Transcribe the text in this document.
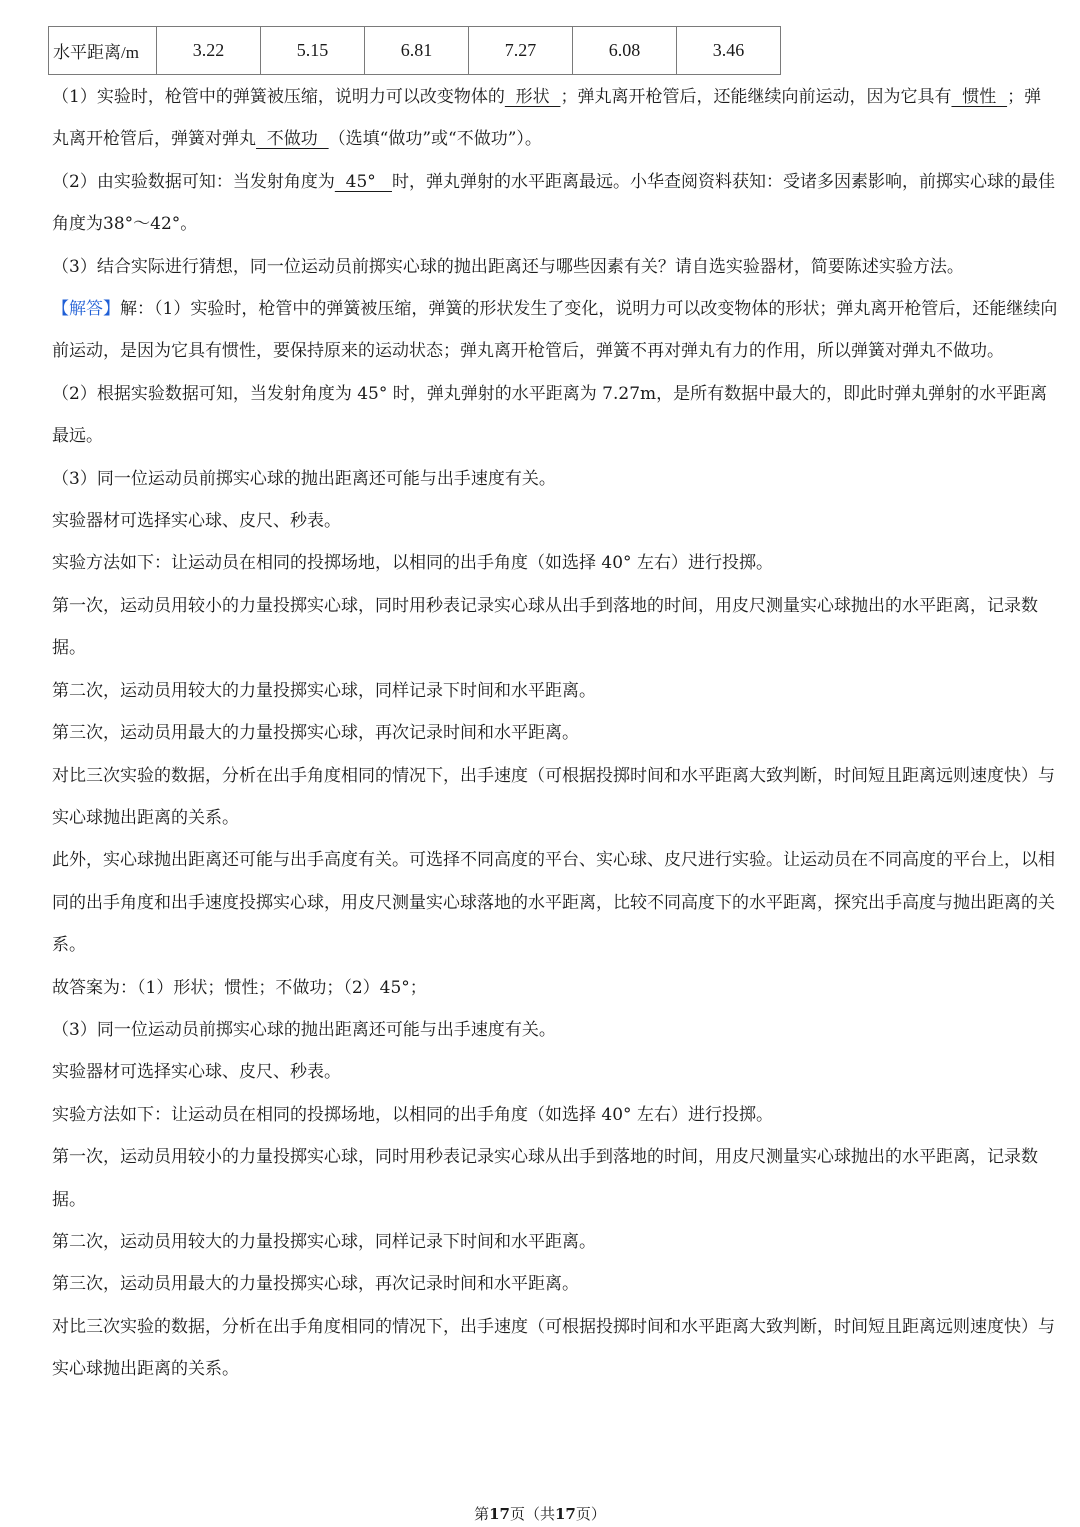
水平距离/m	3.22	5.15	6.81	7.27	6.08	3.46

（1）实验时，枪管中的弹簧被压缩，说明力可以改变物体的  形状  ；弹丸离开枪管后，还能继续向前运动，因为它具有  惯性  ；弹丸离开枪管后，弹簧对弹丸  不做功  （选填“做功”或“不做功”）。

（2）由实验数据可知：当发射角度为  45°   时，弹丸弹射的水平距离最远。小华查阅资料获知：受诸多因素影响，前掷实心球的最佳角度为38°～42°。

（3）结合实际进行猜想，同一位运动员前掷实心球的抛出距离还与哪些因素有关？请自选实验器材，简要陈述实验方法。

【解答】解：（1）实验时，枪管中的弹簧被压缩，弹簧的形状发生了变化，说明力可以改变物体的形状；弹丸离开枪管后，还能继续向前运动，是因为它具有惯性，要保持原来的运动状态；弹丸离开枪管后，弹簧不再对弹丸有力的作用，所以弹簧对弹丸不做功。

（2）根据实验数据可知，当发射角度为 45° 时，弹丸弹射的水平距离为 7.27m，是所有数据中最大的，即此时弹丸弹射的水平距离最远。

（3）同一位运动员前掷实心球的抛出距离还可能与出手速度有关。

实验器材可选择实心球、皮尺、秒表。

实验方法如下：让运动员在相同的投掷场地，以相同的出手角度（如选择 40° 左右）进行投掷。

第一次，运动员用较小的力量投掷实心球，同时用秒表记录实心球从出手到落地的时间，用皮尺测量实心球抛出的水平距离，记录数据。

第二次，运动员用较大的力量投掷实心球，同样记录下时间和水平距离。

第三次，运动员用最大的力量投掷实心球，再次记录时间和水平距离。

对比三次实验的数据，分析在出手角度相同的情况下，出手速度（可根据投掷时间和水平距离大致判断，时间短且距离远则速度快）与实心球抛出距离的关系。

此外，实心球抛出距离还可能与出手高度有关。可选择不同高度的平台、实心球、皮尺进行实验。让运动员在不同高度的平台上，以相同的出手角度和出手速度投掷实心球，用皮尺测量实心球落地的水平距离，比较不同高度下的水平距离，探究出手高度与抛出距离的关系。

故答案为：（1）形状；惯性；不做功；（2）45°；

（3）同一位运动员前掷实心球的抛出距离还可能与出手速度有关。

实验器材可选择实心球、皮尺、秒表。

实验方法如下：让运动员在相同的投掷场地，以相同的出手角度（如选择 40° 左右）进行投掷。

第一次，运动员用较小的力量投掷实心球，同时用秒表记录实心球从出手到落地的时间，用皮尺测量实心球抛出的水平距离，记录数据。

第二次，运动员用较大的力量投掷实心球，同样记录下时间和水平距离。

第三次，运动员用最大的力量投掷实心球，再次记录时间和水平距离。

对比三次实验的数据，分析在出手角度相同的情况下，出手速度（可根据投掷时间和水平距离大致判断，时间短且距离远则速度快）与实心球抛出距离的关系。

第17页（共17页）
